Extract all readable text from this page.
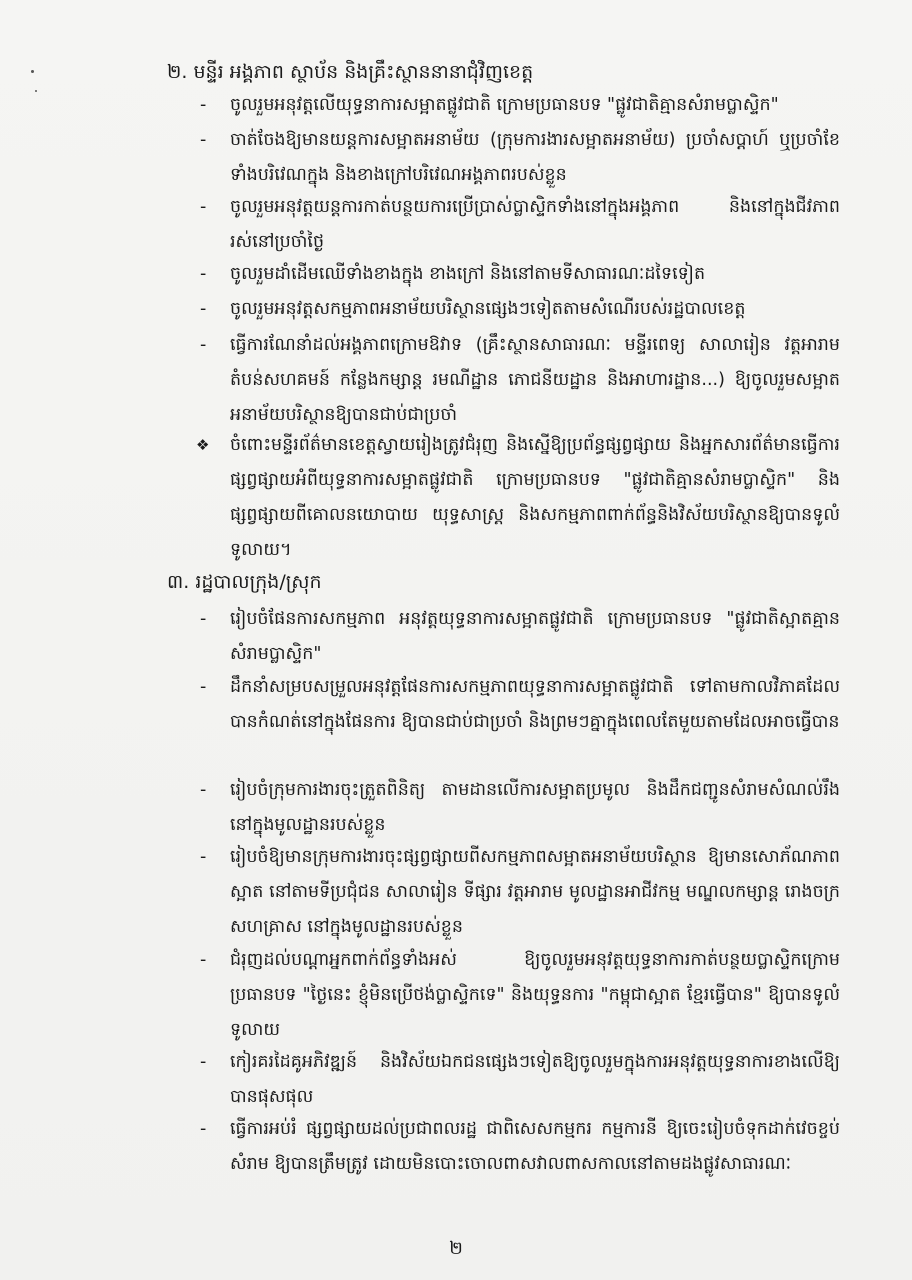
២. មន្ទីរ អង្គភាព ស្ថាប័ន និងគ្រឹះស្ថាននានាជុំវិញខេត្ត
-	ចូលរួមអនុវត្តលើយុទ្ធនាការសម្អាតផ្លូវជាតិ ក្រោមប្រធានបទ "ផ្លូវជាតិគ្មានសំរាមប្លាស្ទិក"
-	ចាត់ចែងឱ្យមានយន្តការសម្អាតអនាម័យ (ក្រុមការងារសម្អាតអនាម័យ) ប្រចាំសប្តាហ៍ ឬប្រចាំខែ ទាំងបរិវេណក្នុង និងខាងក្រៅបរិវេណអង្គភាពរបស់ខ្លួន
-	ចូលរួមអនុវត្តយន្តការកាត់បន្ថយការប្រើប្រាស់ប្លាស្ទិកទាំងនៅក្នុងអង្គភាព និងនៅក្នុងជីវភាពរស់នៅប្រចាំថ្ងៃ
-	ចូលរួមដាំដើមឈើទាំងខាងក្នុង ខាងក្រៅ និងនៅតាមទីសាធារណៈដទៃទៀត
-	ចូលរួមអនុវត្តសកម្មភាពអនាម័យបរិស្ថានផ្សេងៗទៀតតាមសំណើរបស់រដ្ឋបាលខេត្ត
-	ធ្វើការណែនាំដល់អង្គភាពក្រោមឱវាទ (គ្រឹះស្ថានសាធារណៈ មន្ទីរពេទ្យ សាលារៀន វត្តអារាម តំបន់សហគមន៍ កន្លែងកម្សាន្ត រមណីដ្ឋាន ភោជនីយដ្ឋាន និងអាហារដ្ឋាន...) ឱ្យចូលរួមសម្អាតអនាម័យបរិស្ថានឱ្យបានជាប់ជាប្រចាំ
❖	ចំពោះមន្ទីរព័ត៌មានខេត្តស្វាយរៀងត្រូវជំរុញ និងស្នើឱ្យប្រព័ន្ធផ្សព្វផ្សាយ និងអ្នកសារព័ត៌មានធ្វើការផ្សព្វផ្សាយអំពីយុទ្ធនាការសម្អាតផ្លូវជាតិ ក្រោមប្រធានបទ "ផ្លូវជាតិគ្មានសំរាមប្លាស្ទិក" និងផ្សព្វផ្សាយពីគោលនយោបាយ យុទ្ធសាស្ត្រ និងសកម្មភាពពាក់ព័ន្ធនិងវិស័យបរិស្ថានឱ្យបានទូលំទូលាយ។
៣. រដ្ឋបាលក្រុង/ស្រុក
-	រៀបចំផែនការសកម្មភាព អនុវត្តយុទ្ធនាការសម្អាតផ្លូវជាតិ ក្រោមប្រធានបទ "ផ្លូវជាតិស្អាតគ្មានសំរាមប្លាស្ទិក"
-	ដឹកនាំសម្របសម្រួលអនុវត្តផែនការសកម្មភាពយុទ្ធនាការសម្អាតផ្លូវជាតិ ទៅតាមកាលវិភាគដែលបានកំណត់នៅក្នុងផែនការ ឱ្យបានជាប់ជាប្រចាំ និងព្រមៗគ្នាក្នុងពេលតែមួយតាមដែលអាចធ្វើបាន
-	រៀបចំក្រុមការងារចុះត្រួតពិនិត្យ តាមដានលើការសម្អាតប្រមូល និងដឹកជញ្ជូនសំរាមសំណល់រឹងនៅក្នុងមូលដ្ឋានរបស់ខ្លួន
-	រៀបចំឱ្យមានក្រុមការងារចុះផ្សព្វផ្សាយពីសកម្មភាពសម្អាតអនាម័យបរិស្ថាន ឱ្យមានសោភ័ណភាពស្អាត នៅតាមទីប្រជុំជន សាលារៀន ទីផ្សារ វត្តអារាម មូលដ្ឋានអាជីវកម្ម មណ្ឌលកម្សាន្ត រោងចក្រ សហគ្រាស នៅក្នុងមូលដ្ឋានរបស់ខ្លួន
-	ជំរុញដល់បណ្តាអ្នកពាក់ព័ន្ធទាំងអស់ ឱ្យចូលរួមអនុវត្តយុទ្ធនាការកាត់បន្ថយប្លាស្ទិកក្រោមប្រធានបទ "ថ្ងៃនេះ ខ្ញុំមិនប្រើថង់ប្លាស្ទិកទេ" និងយុទ្ធនការ "កម្ពុជាស្អាត ខ្មែរធ្វើបាន" ឱ្យបានទូលំទូលាយ
-	កៀរគរដៃគូអភិវឌ្ឍន៍ និងវិស័យឯកជនផ្សេងៗទៀតឱ្យចូលរួមក្នុងការអនុវត្តយុទ្ធនាការខាងលើឱ្យបានផុសផុល
-	ធ្វើការអប់រំ ផ្សព្វផ្សាយដល់ប្រជាពលរដ្ឋ ជាពិសេសកម្មករ កម្មការនី ឱ្យចេះរៀបចំទុកដាក់វេចខ្ចប់ សំរាម ឱ្យបានត្រឹមត្រូវ ដោយមិនបោះចោលពាសវាលពាសកាលនៅតាមដងផ្លូវសាធារណៈ
២
